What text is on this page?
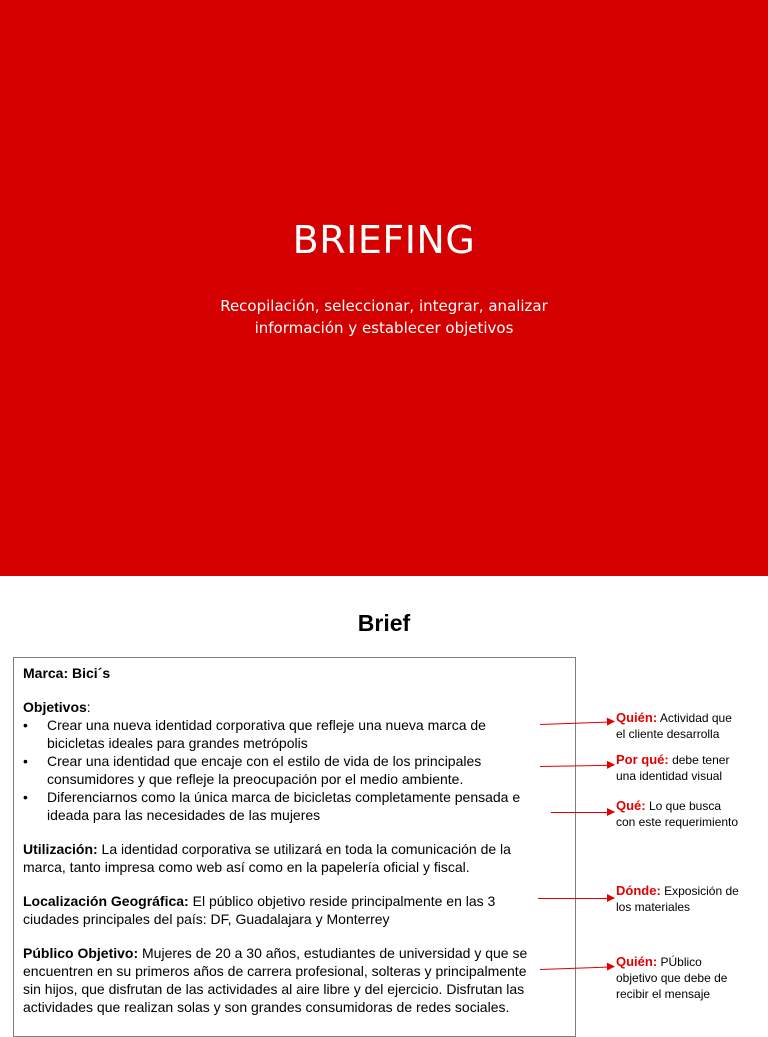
BRIEFING
Recopilación, seleccionar, integrar, analizar
información y establecer objetivos
Brief

Marca: Bici´s

Objetivos:

• Crear una nueva identidad corporativa que refleje una nueva marca de
bicicletas ideales para grandes metrópolis
• Crear una identidad que encaje con el estilo de vida de los principales
consumidores y que refleje la preocupación por el medio ambiente.
• Diferenciarnos como la única marca de bicicletas completamente pensada e
ideada para las necesidades de las mujeres

Utilización: La identidad corporativa se utilizará en toda la comunicación de la

marca, tanto impresa como web así como en la papelería oficial y fiscal.

Localización Geográfica: El público objetivo reside principalmente en las 3

ciudades principales del país: DF, Guadalajara y Monterrey

Público Objetivo: Mujeres de 20 a 30 años, estudiantes de universidad y que se

encuentren en su primeros años de carrera profesional, solteras y principalmente

sin hijos, que disfrutan de las actividades al aire libre y del ejercicio. Disfrutan las

actividades que realizan solas y son grandes consumidoras de redes sociales.

Quién: Actividad que
el cliente desarrolla
Por qué: debe tener
una identidad visual
Qué: Lo que busca
con este requerimiento
Dónde: Exposición de
los materiales
Quién: PÚblico
objetivo que debe de
recibir el mensaje
